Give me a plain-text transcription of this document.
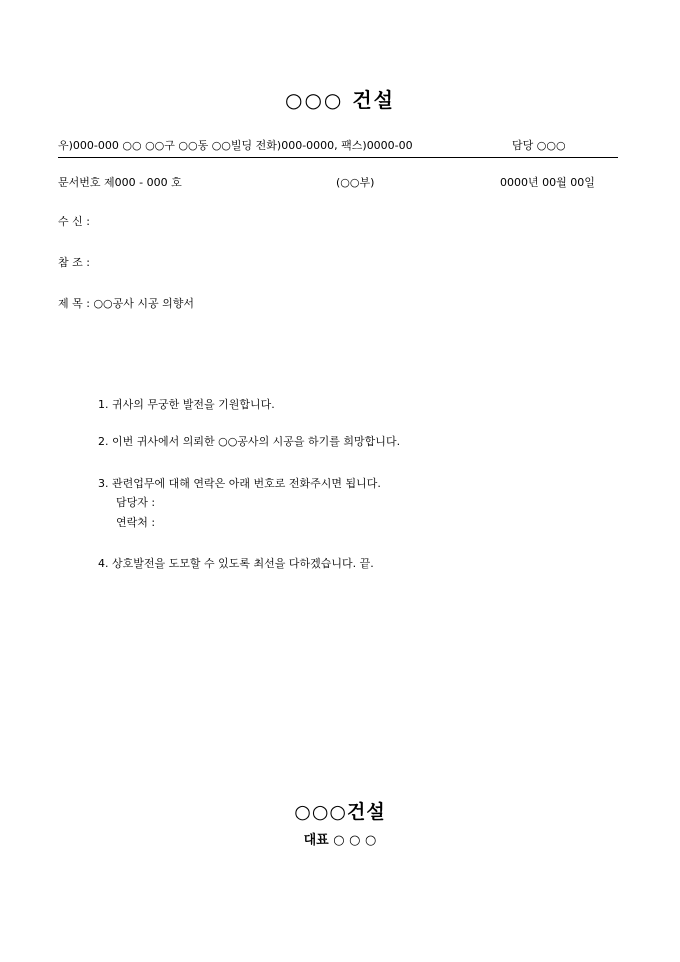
○○○ 건설
우)000-000 ○○ ○○구 ○○동 ○○빌딩 전화)000-0000, 팩스)0000-00	담당 ○○○
문서번호 제000 - 000 호	(○○부)	0000년 00월 00일
수 신 :
참 조 :
제 목 : ○○공사 시공 의향서
1. 귀사의 무궁한 발전을 기원합니다.
2. 이번 귀사에서 의뢰한 ○○공사의 시공을 하기를 희망합니다.
3. 관련업무에 대해 연락은 아래 번호로 전화주시면 됩니다.
담당자 :
연락처 :
4. 상호발전을 도모할 수 있도록 최선을 다하겠습니다. 끝.
○○○건설
대표 ○ ○ ○
